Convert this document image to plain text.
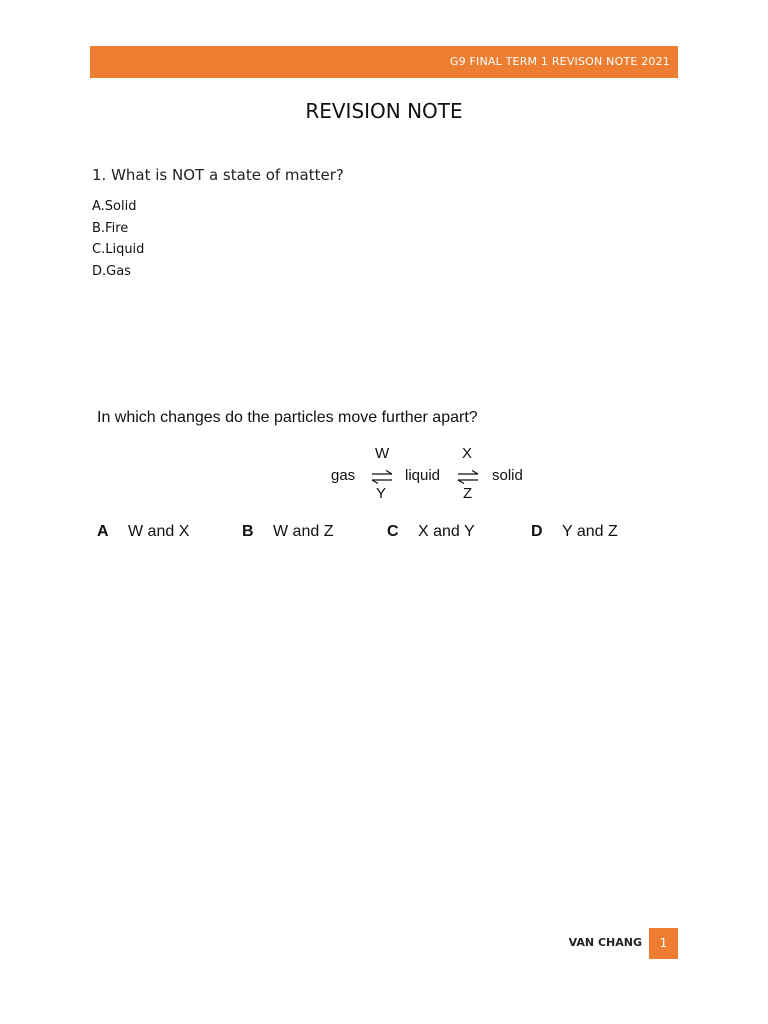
G9 FINAL TERM 1 REVISON NOTE 2021
REVISION NOTE
1. What is NOT a state of matter?
A.Solid
B.Fire
C.Liquid
D.Gas
In which changes do the particles move further apart?
gas
W
Y
liquid
X
Z
solid
A W and X	B W and Z	C X and Y	D Y and Z
VAN CHANG	1
